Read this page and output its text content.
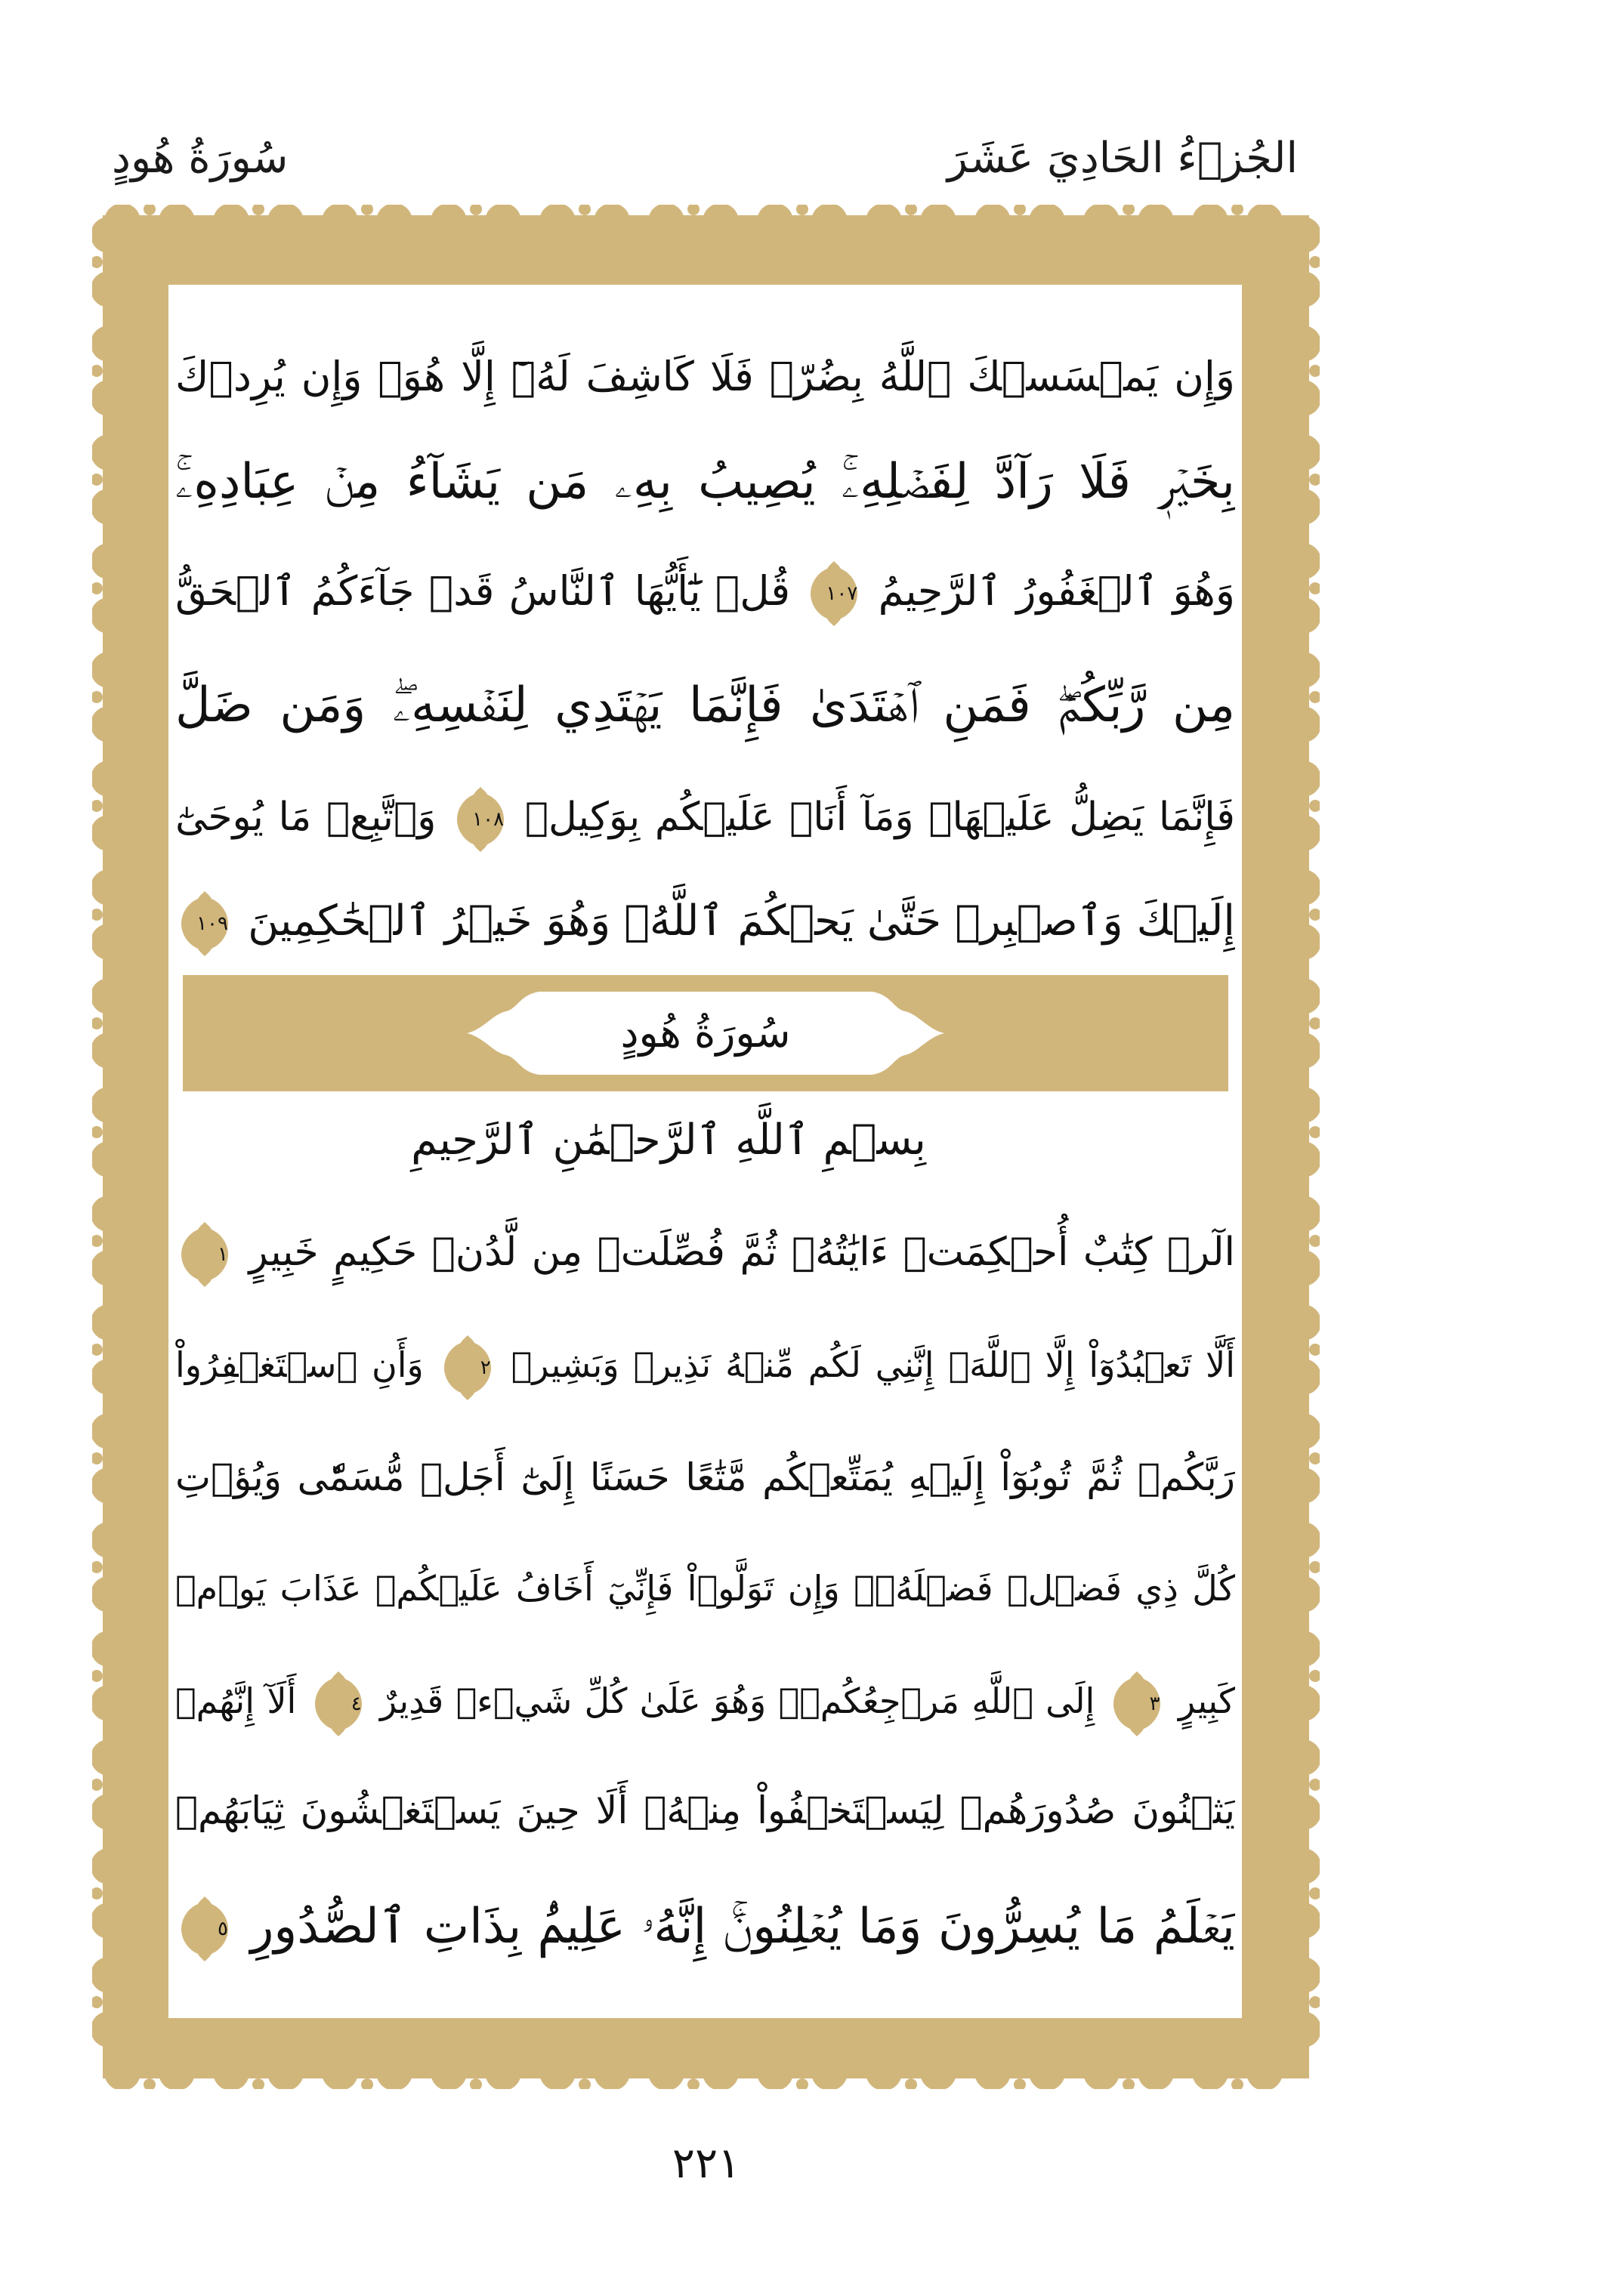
الجُزۡءُ الحَادِيَ عَشَرَ
سُورَةُ هُودٍ
وَإِن يَمۡسَسۡكَ ٱللَّهُ بِضُرّٖ فَلَا كَاشِفَ لَهُۥٓ إِلَّا هُوَۖ وَإِن يُرِدۡكَ
بِخَيۡرٖ فَلَا رَآدَّ لِفَضۡلِهِۦۚ يُصِيبُ بِهِۦ مَن يَشَآءُ مِنۡ عِبَادِهِۦۚ
وَهُوَ ٱلۡغَفُورُ ٱلرَّحِيمُ
١٠٧
قُلۡ يَٰٓأَيُّهَا ٱلنَّاسُ قَدۡ جَآءَكُمُ ٱلۡحَقُّ
مِن رَّبِّكُمۡۖ فَمَنِ ٱهۡتَدَىٰ فَإِنَّمَا يَهۡتَدِي لِنَفۡسِهِۦۖ وَمَن ضَلَّ
فَإِنَّمَا يَضِلُّ عَلَيۡهَاۖ وَمَآ أَنَا۠ عَلَيۡكُم بِوَكِيلٖ
١٠٨
وَٱتَّبِعۡ مَا يُوحَىٰٓ
إِلَيۡكَ وَٱصۡبِرۡ حَتَّىٰ يَحۡكُمَ ٱللَّهُۚ وَهُوَ خَيۡرُ ٱلۡحَٰكِمِينَ
١٠٩
سُورَةُ هُودٍ
بِسۡمِ ٱللَّهِ ٱلرَّحۡمَٰنِ ٱلرَّحِيمِ
الٓرۚ كِتَٰبٌ أُحۡكِمَتۡ ءَايَٰتُهُۥ ثُمَّ فُصِّلَتۡ مِن لَّدُنۡ حَكِيمٍ خَبِيرٍ
١
أَلَّا تَعۡبُدُوٓاْ إِلَّا ٱللَّهَۚ إِنَّنِي لَكُم مِّنۡهُ نَذِيرٞ وَبَشِيرٞ
٢
وَأَنِ ٱسۡتَغۡفِرُواْ
رَبَّكُمۡ ثُمَّ تُوبُوٓاْ إِلَيۡهِ يُمَتِّعۡكُم مَّتَٰعًا حَسَنًا إِلَىٰٓ أَجَلٖ مُّسَمّٗى وَيُؤۡتِ
كُلَّ ذِي فَضۡلٖ فَضۡلَهُۥۖ وَإِن تَوَلَّوۡاْ فَإِنِّيٓ أَخَافُ عَلَيۡكُمۡ عَذَابَ يَوۡمٖ
كَبِيرٍ
٣
إِلَى ٱللَّهِ مَرۡجِعُكُمۡۖ وَهُوَ عَلَىٰ كُلِّ شَيۡءٖ قَدِيرٌ
٤
أَلَآ إِنَّهُمۡ
يَثۡنُونَ صُدُورَهُمۡ لِيَسۡتَخۡفُواْ مِنۡهُۚ أَلَا حِينَ يَسۡتَغۡشُونَ ثِيَابَهُمۡ
يَعۡلَمُ مَا يُسِرُّونَ وَمَا يُعۡلِنُونَۚ إِنَّهُۥ عَلِيمُۢ بِذَاتِ ٱلصُّدُورِ
٥
٢٢١
